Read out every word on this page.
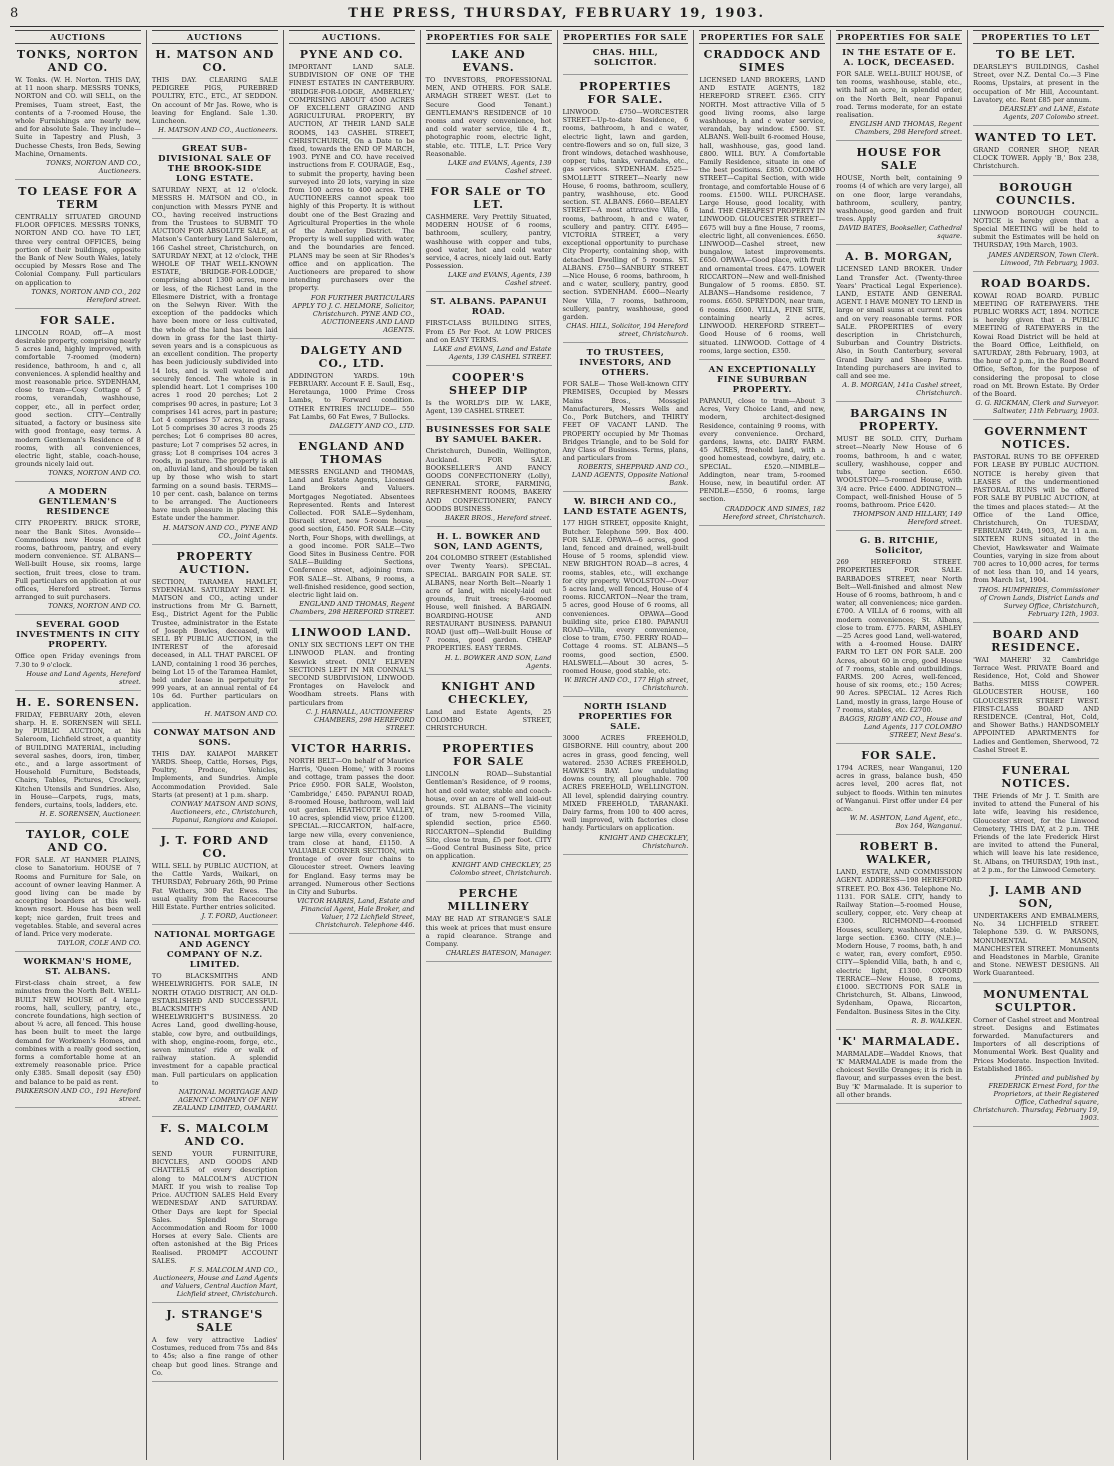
8	THE PRESS, THURSDAY, FEBRUARY 19, 1903.
AUCTIONS
TONKS, NORTON AND CO.

W. Tonks. (W. H. Norton. THIS DAY, at 11 noon sharp. MESSRS TONKS, NORTON and CO. will SELL, on the Premises, Tuam street, East, the contents of a 7-roomed House, the whole Furnishings are nearly new, and for absolute Sale. They include— Suite in Tapestry and Plush, 3 Duchesse Chests, Iron Beds, Sewing Machine, Ornaments.

TONKS, NORTON AND CO., Auctioneers.
TO LEASE FOR A TERM

CENTRALLY SITUATED GROUND FLOOR OFFICES. MESSRS TONKS, NORTON AND CO. have TO LET, three very central OFFICES, being portion of their buildings, opposite the Bank of New South Wales, lately occupied by Messrs Rose and The Colonial Company. Full particulars on application to

TONKS, NORTON AND CO., 202 Hereford street.
FOR SALE.

LINCOLN ROAD, off—A most desirable property, comprising nearly 5 acres land, highly improved, with comfortable 7-roomed (modern) residence, bathroom, h and c, all conveniences. A splendid healthy and most reasonable price. SYDENHAM, close to tram—Cosy Cottage of 5 rooms, verandah, washhouse, copper, etc., all in perfect order, good section. CITY—Centrally situated, a factory or business site with good frontage, easy terms. A modern Gentleman's Residence of 8 rooms, with all conveniences, electric light, stable, coach-house, grounds nicely laid out.

TONKS, NORTON AND CO.
A MODERN GENTLEMAN'S RESIDENCE

CITY PROPERTY. BRICK STORE, near the Bank Sites. Avonside—Commodious new House of eight rooms, bathroom, pantry, and every modern convenience. ST. ALBANS—Well-built House, six rooms, large section, fruit trees, close to tram. Full particulars on application at our offices, Hereford street. Terms arranged to suit purchasers.

TONKS, NORTON AND CO.
SEVERAL GOOD INVESTMENTS IN CITY PROPERTY.

Office open Friday evenings from 7.30 to 9 o'clock.

House and Land Agents, Hereford street.
H. E. SORENSEN.

FRIDAY, FEBRUARY 20th, eleven sharp. H. E. SORENSEN will SELL by PUBLIC AUCTION, at his Saleroom, Lichfield street, a quantity of BUILDING MATERIAL, including several sashes, doors, iron, timber, etc., and a large assortment of Household Furniture, Bedsteads, Chairs, Tables, Pictures, Crockery, Kitchen Utensils and Sundries. Also, in House—Carpets, rugs, mats, fenders, curtains, tools, ladders, etc.

H. E. SORENSEN, Auctioneer.
TAYLOR, COLE AND CO.

FOR SALE. AT HANMER PLAINS, close to Sanatorium. HOUSE of 7 Rooms and Furniture for Sale, on account of owner leaving Hanmer. A good living can be made by accepting boarders at this well-known resort. House has been well kept; nice garden, fruit trees and vegetables. Stable, and several acres of land. Price very moderate.

TAYLOR, COLE AND CO.
WORKMAN'S HOME, ST. ALBANS.

First-class chain street, a few minutes from the North Belt. WELL-BUILT NEW HOUSE of 4 large rooms, hall, scullery, pantry, etc., concrete foundations, high section of about ¼ acre, all fenced. This house has been built to meet the large demand for Workmen's Homes, and combines with a really good section, forms a comfortable home at an extremely reasonable price. Price only £385. Small deposit (say £50) and balance to be paid as rent.

PARKERSON AND CO., 191 Hereford street.
AUCTIONS
H. MATSON AND CO.

THIS DAY. CLEARING SALE PEDIGREE PIGS, PUREBRED POULTRY, ETC., ETC., AT SEDDON. On account of Mr Jas. Rowe, who is leaving for England. Sale 1.30. Luncheon.

H. MATSON AND CO., Auctioneers.
GREAT SUB-DIVISIONAL SALE OF THE BROOK-SIDE LONG ESTATE.

SATURDAY NEXT, at 12 o'clock. MESSRS H. MATSON and CO., in conjunction with Messrs PYNE and CO., having received instructions from the Trustees to SUBMIT TO AUCTION FOR ABSOLUTE SALE, at Matson's Canterbury Land Saleroom, 166 Cashel street, Christchurch, on SATURDAY NEXT, at 12 o'clock, THE WHOLE OF THAT WELL-KNOWN ESTATE, 'BRIDGE-FOR-LODGE,' comprising about 1300 acres, more or less, of the Richest Land in the Ellesmere District, with a frontage on the Selwyn River. With the exception of the paddocks which have been more or less cultivated, the whole of the land has been laid down in grass for the last thirty-seven years and is a conspicuous as an excellent condition. The property has been judiciously subdivided into 14 lots, and is well watered and securely fenced. The whole is in splendid heart. Lot 1 comprises 100 acres 1 rood 20 perches; Lot 2 comprises 90 acres, in pasture; Lot 3 comprises 141 acres, part in pasture; Lot 4 comprises 57 acres, in grass; Lot 5 comprises 30 acres 3 roods 25 perches; Lot 6 comprises 80 acres, pasture; Lot 7 comprises 52 acres, in grass; Lot 8 comprises 104 acres 3 roods, in pasture. The property is all on, alluvial land, and should be taken up by those who wish to start farming on a sound basis. TERMS—10 per cent. cash, balance on terms to be arranged. The Auctioneers have much pleasure in placing this Estate under the hammer.

H. MATSON AND CO., PYNE AND CO., Joint Agents.
PROPERTY AUCTION.

SECTION, TARAMEA HAMLET, SYDENHAM. SATURDAY NEXT. H. MATSON and CO., acting under instructions from Mr G. Barnett, Esq., District Agent for the Public Trustee, administrator in the Estate of Joseph Bowles, deceased, will SELL BY PUBLIC AUCTION, in the INTEREST of the aforesaid deceased, in ALL THAT PARCEL OF LAND, containing 1 rood 36 perches, being Lot 15 of the Taramea Hamlet, held under lease in perpetuity for 999 years, at an annual rental of £4 10s 6d. Further particulars on application.

H. MATSON AND CO.
CONWAY MATSON AND SONS.

THIS DAY. KAIAPOI MARKET YARDS. Sheep, Cattle, Horses, Pigs, Poultry, Produce, Vehicles, Implements, and Sundries. Ample Accommodation Provided. Sale Starts (at present) at 1 p.m. sharp.

CONWAY MATSON AND SONS, Auctioneers, etc., Christchurch, Papanui, Rangiora and Kaiapoi.
J. T. FORD AND CO.

WILL SELL by PUBLIC AUCTION, at the Cattle Yards, Waikari, on THURSDAY, February 26th, 90 Prime Fat Wethers, 300 Fat Ewes. The usual quality from the Racecourse Hill Estate. Further entries solicited.

J. T. FORD, Auctioneer.
NATIONAL MORTGAGE AND AGENCY COMPANY OF N.Z. LIMITED.

TO BLACKSMITHS AND WHEELWRIGHTS. FOR SALE, IN NORTH OTAGO DISTRICT, AN OLD-ESTABLISHED AND SUCCESSFUL BLACKSMITH'S AND WHEELWRIGHT'S BUSINESS. 20 Acres Land, good dwelling-house, stable, cow byre, and outbuildings, with shop, engine-room, forge, etc., seven minutes' ride or walk of railway station. A splendid investment for a capable practical man. Full particulars on application to

NATIONAL MORTGAGE AND AGENCY COMPANY OF NEW ZEALAND LIMITED, OAMARU.
F. S. MALCOLM AND CO.

SEND YOUR FURNITURE, BICYCLES, AND GOODS AND CHATTELS of every description along to MALCOLM'S AUCTION MART. If you wish to realise Top Price. AUCTION SALES Held Every WEDNESDAY AND SATURDAY. Other Days are kept for Special Sales. Splendid Storage Accommodation and Room for 1000 Horses at every Sale. Clients are often astonished at the Big Prices Realised. PROMPT ACCOUNT SALES.

F. S. MALCOLM AND CO., Auctioneers, House and Land Agents and Valuers, Central Auction Mart, Lichfield street, Christchurch.
J. STRANGE'S SALE

A few very attractive Ladies' Costumes, reduced from 75s and 84s to 45s; also a fine range of other cheap but good lines. Strange and Co.

AUCTIONS.
PYNE AND CO.

IMPORTANT LAND SALE. SUBDIVISION OF ONE OF THE FINEST ESTATES IN CANTERBURY. 'BRIDGE-FOR-LODGE, AMBERLEY,' COMPRISING ABOUT 4500 ACRES OF EXCELLENT GRAZING AND AGRICULTURAL PROPERTY, BY AUCTION, AT THEIR LAND SALE ROOMS, 143 CASHEL STREET, CHRISTCHURCH, On a Date to be fixed, towards the END OF MARCH, 1903. PYNE and CO. have received instructions from F. COURAGE, Esq., to submit the property, having been surveyed into 20 lots, varying in size from 100 acres to 400 acres. THE AUCTIONEERS cannot speak too highly of this Property. It is without doubt one of the Best Grazing and Agricultural Properties in the whole of the Amberley District. The Property is well supplied with water, and the boundaries are fenced. PLANS may be seen at Sir Rhodes's office and on application. The Auctioneers are prepared to show intending purchasers over the property.

FOR FURTHER PARTICULARS APPLY TO J. C. HELMORE, Solicitor, Christchurch. PYNE AND CO., AUCTIONEERS AND LAND AGENTS.
DALGETY AND CO., LTD.

ADDINGTON YARDS. 19th FEBRUARY. Account F. E. Saull, Esq., Heretaunga, 1000 Prime Cross Lambs, to Forward condition. OTHER ENTRIES INCLUDE— 550 Fat Lambs, 60 Fat Ewes, 7 Bullocks.

DALGETY AND CO., LTD.
ENGLAND AND THOMAS

MESSRS ENGLAND and THOMAS, Land and Estate Agents, Licensed Land Brokers and Valuers. Mortgages Negotiated. Absentees Represented. Rents and Interest Collected. FOR SALE—Sydenham, Disraeli street, new 5-room house, good section, £450. FOR SALE—City North, Four Shops, with dwellings, at a good income. FOR SALE—Two Good Sites in Business Centre. FOR SALE—Building Sections, Conference street, adjoining tram. FOR SALE—St. Albans, 9 rooms, a well-finished residence, good section, electric light laid on.

ENGLAND AND THOMAS, Regent Chambers, 298 HEREFORD STREET.
LINWOOD LAND.

ONLY SIX SECTIONS LEFT ON THE LINWOOD PLAN. and fronting Keswick street. ONLY ELEVEN SECTIONS LEFT IN MR CONNAL'S SECOND SUBDIVISION, LINWOOD. Frontages on Havelock and Woodham streets. Plans with particulars from

C. J. HARNALL, AUCTIONEERS' CHAMBERS, 298 HEREFORD STREET.
VICTOR HARRIS.

NORTH BELT—On behalf of Maurice Harris, 'Queen Home,' with 3 rooms and cottage, tram passes the door. Price £950. FOR SALE, Woolston, 'Cambridge,' £450. PAPANUI ROAD, 8-roomed House, bathroom, well laid out garden. HEATHCOTE VALLEY, 10 acres, splendid view, price £1200. SPECIAL.—RICCARTON, half-acre, large new villa, every convenience, tram close at hand, £1150. A VALUABLE CORNER SECTION, with frontage of over four chains to Gloucester street. Owners leaving for England. Easy terms may be arranged. Numerous other Sections in City and Suburbs.

VICTOR HARRIS, Land, Estate and Financial Agent, Hale Broker, and Valuer, 172 Lichfield Street, Christchurch. Telephone 446.
PROPERTIES FOR SALE
LAKE AND EVANS.

TO INVESTORS, PROFESSIONAL MEN, AND OTHERS. FOR SALE. ARMAGH STREET WEST. (Let to Secure Good Tenant.) GENTLEMAN'S RESIDENCE of 10 rooms and every convenience, hot and cold water service, tile 4 ft., photographic room, electric light, stable, etc. TITLE, L.T. Price Very Reasonable.

LAKE and EVANS, Agents, 139 Cashel street.
FOR SALE or TO LET.

CASHMERE. Very Prettily Situated, MODERN HOUSE of 6 rooms, bathroom, scullery, pantry, washhouse with copper and tubs, good water, hot and cold water service, 4 acres, nicely laid out. Early Possession.

LAKE and EVANS, Agents, 139 Cashel street.
ST. ALBANS. PAPANUI ROAD.

FIRST-CLASS BUILDING SITES, From £5 Per Foot. At LOW PRICES and on EASY TERMS.

LAKE and EVANS, Land and Estate Agents, 139 CASHEL STREET.
COOPER'S SHEEP DIP

Is the WORLD'S DIP. W. LAKE, Agent, 139 CASHEL STREET.

BUSINESSES FOR SALE BY SAMUEL BAKER.

Christchurch, Dunedin, Wellington, Auckland. FOR SALE. BOOKSELLER'S AND FANCY GOODS CONFECTIONERY (Lolly), GENERAL STORE, FARMING, REFRESHMENT ROOMS, BAKERY AND CONFECTIONERY, FANCY GOODS BUSINESS.

BAKER BROS., Hereford street.
H. L. BOWKER AND SON, LAND AGENTS,

204 COLOMBO STREET (Established over Twenty Years). SPECIAL. SPECIAL. BARGAIN FOR SALE. ST. ALBANS, near North Belt—Nearly 1 acre of land, with nicely-laid out grounds, fruit trees; 6-roomed House, well finished. A BARGAIN. BOARDING-HOUSE AND RESTAURANT BUSINESS. PAPANUI ROAD (just off)—Well-built House of 7 rooms, good garden. CHEAP PROPERTIES. EASY TERMS.

H. L. BOWKER AND SON, Land Agents.
KNIGHT AND CHECKLEY,

Land and Estate Agents, 25 COLOMBO STREET, CHRISTCHURCH.

PROPERTIES FOR SALE

LINCOLN ROAD—Substantial Gentleman's Residence, of 9 rooms, hot and cold water, stable and coach-house, over an acre of well laid-out grounds. ST. ALBANS—The vicinity of tram, new 5-roomed Villa, splendid section, price £560. RICCARTON—Splendid Building Site, close to tram, £5 per foot. CITY—Good Central Business Site, price on application.

KNIGHT AND CHECKLEY, 25 Colombo street, Christchurch.
PERCHE MILLINERY

MAY BE HAD AT STRANGE'S SALE this week at prices that must ensure a rapid clearance. Strange and Company.

CHARLES BATESON, Manager.
PROPERTIES FOR SALE
CHAS. HILL, SOLICITOR.

PROPERTIES FOR SALE.

LINWOOD. £750—WORCESTER STREET—Up-to-date Residence, 6 rooms, bathroom, h and c water, electric light, lawn and garden, centre-flowers and so on, full size, 3 front windows, detached washhouse, copper, tubs, tanks, verandahs, etc., gas services. SYDENHAM. £525—SMOLLETT STREET—Nearly new House, 6 rooms, bathroom, scullery, pantry, washhouse, etc. Good section. ST. ALBANS. £660—BEALEY STREET—A most attractive Villa, 6 rooms, bathroom, h and c water, scullery and pantry. CITY. £495—VICTORIA STREET, a very exceptional opportunity to purchase City Property, containing shop, with detached Dwelling of 5 rooms. ST. ALBANS. £750—SANBURY STREET—Nice House, 6 rooms, bathroom, h and c water, scullery, pantry, good section. SYDENHAM. £600—Nearly New Villa, 7 rooms, bathroom, scullery, pantry, washhouse, good garden.

CHAS. HILL, Solicitor, 194 Hereford street, Christchurch.
TO TRUSTEES, INVESTORS, AND OTHERS.

FOR SALE— Those Well-known CITY PREMISES, Occupied by Messrs Mains Bros., Mossgiel Manufacturers, Messrs Wells and Co., Pork Butchers, and THIRTY FEET OF VACANT LAND. The PROPERTY occupied by Mr Thomas Bridges Triangle, and to be Sold for Any Class of Business. Terms, plans, and particulars from

ROBERTS, SHEPPARD AND CO., LAND AGENTS, Opposite National Bank.
W. BIRCH AND CO., LAND ESTATE AGENTS,

177 HIGH STREET, opposite Knight, Butcher. Telephone 599. Box 400. FOR SALE. OPAWA—6 acres, good land, fenced and drained, well-built House of 5 rooms, splendid view. NEW BRIGHTON ROAD—8 acres, 4 rooms, stables, etc., will exchange for city property. WOOLSTON—Over 5 acres land, well fenced, House of 4 rooms. RICCARTON—Near the tram, 5 acres, good House of 6 rooms, all conveniences. OPAWA—Good building site, price £180. PAPANUI ROAD—Villa, every convenience, close to tram, £750. FERRY ROAD—Cottage 4 rooms. ST. ALBANS—5 rooms, good section, £500. HALSWELL—About 30 acres, 5-roomed House, good stable, etc.

W. BIRCH AND CO., 177 High street, Christchurch.
NORTH ISLAND PROPERTIES FOR SALE.

3000 ACRES FREEHOLD, GISBORNE. Hill country, about 200 acres in grass, good fencing, well watered. 2530 ACRES FREEHOLD, HAWKE'S BAY. Low undulating downs country, all ploughable. 700 ACRES FREEHOLD, WELLINGTON. All level, splendid dairying country. MIXED FREEHOLD, TARANAKI. Dairy farms, from 100 to 400 acres, well improved, with factories close handy. Particulars on application.

KNIGHT AND CHECKLEY, Christchurch.
PROPERTIES FOR SALE
CRADDOCK AND SIMES

LICENSED LAND BROKERS, LAND AND ESTATE AGENTS, 182 HEREFORD STREET. £365. CITY NORTH. Most attractive Villa of 5 good living rooms, also large washhouse, h and c water service, verandah, bay window. £500. ST. ALBANS. Well-built 6-roomed House, hall, washhouse, gas, good land. £800. WILL BUY. A Comfortable Family Residence, situate in one of the best positions. £850. COLOMBO STREET—Capital Section, with wide frontage, and comfortable House of 6 rooms. £1500. WILL PURCHASE. Large House, good locality, with land. THE CHEAPEST PROPERTY IN LINWOOD. GLOUCESTER STREET—£675 will buy a fine House, 7 rooms, electric light, all conveniences. £650. LINWOOD—Cashel street, new bungalow, latest improvements. £650. OPAWA—Good place, with fruit and ornamental trees. £475. LOWER RICCARTON—New and well-finished Bungalow of 5 rooms. £850. ST. ALBANS—Handsome residence, 7 rooms. £650. SPREYDON, near tram, 6 rooms. £600. VILLA, FINE SITE, containing nearly 2 acres. LINWOOD. HEREFORD STREET—Good House of 6 rooms, well situated. LINWOOD. Cottage of 4 rooms, large section, £350.

AN EXCEPTIONALLY FINE SUBURBAN PROPERTY.

PAPANUI, close to tram—About 3 Acres, Very Choice Land, and new, modern, architect-designed Residence, containing 9 rooms, with every convenience. Orchard, gardens, lawns, etc. DAIRY FARM. 45 ACRES, freehold land, with a good homestead, cowbyre, dairy, etc. SPECIAL. £520.—NIMBLE—Addington, near tram, 5-roomed House, new, in beautiful order. AT PENDLE—£550, 6 rooms, large section.

CRADDOCK AND SIMES, 182 Hereford street, Christchurch.
PROPERTIES FOR SALE
IN THE ESTATE OF E. A. LOCK, DECEASED.

FOR SALE. WELL-BUILT HOUSE, of ten rooms, washhouse, stable, etc., with half an acre, in splendid order, on the North Belt, near Papanui road. Terms moderate, for an estate realisation.

ENGLISH AND THOMAS, Regent Chambers, 298 Hereford street.
HOUSE FOR SALE

HOUSE, North belt, containing 9 rooms (4 of which are very large), all on one floor, large verandahs, bathroom, scullery, pantry, washhouse, good garden and fruit trees. Apply

DAVID BATES, Bookseller, Cathedral square.
A. B. MORGAN,

LICENSED LAND BROKER. Under Land Transfer Act. (Twenty-three Years' Practical Legal Experience). LAND, ESTATE AND GENERAL AGENT. I HAVE MONEY TO LEND in large or small sums at current rates and on very reasonable terms. FOR SALE. PROPERTIES of every description in Christchurch, Suburban and Country Districts. Also, in South Canterbury, several Grand Dairy and Sheep Farms. Intending purchasers are invited to call and see me.

A. B. MORGAN, 141a Cashel street, Christchurch.
BARGAINS IN PROPERTY.

MUST BE SOLD. CITY, Durham street—Nearly New House of 6 rooms, bathroom, h and c water, scullery, washhouse, copper and tubs, large section. £650. WOOLSTON—5-roomed House, with 3/4 acre. Price £400. ADDINGTON—Compact, well-finished House of 5 rooms, bathroom. Price £420.

THOMPSON AND HILLARY, 149 Hereford street.
G. B. RITCHIE, Solicitor,

269 HEREFORD STREET. PROPERTIES FOR SALE. BARBADOES STREET, near North Belt—Well-finished and almost New House of 6 rooms, bathroom, h and c water, all conveniences; nice garden. £700. A VILLA of 6 rooms, with all modern conveniences; St. Albans, close to tram. £775. FARM, ASHLEY—25 Acres good Land, well-watered, with a 4-roomed House. DAIRY FARM TO LET ON FOR SALE. 200 Acres, about 60 in crop, good House of 7 rooms, stable and outbuildings. FARMS. 200 Acres, well-fenced, house of six rooms, etc.; 150 Acres; 90 Acres. SPECIAL. 12 Acres Rich Land, mostly in grass, large House of 7 rooms, stables, etc. £2700.

BAGGS, RIGBY AND CO., House and Land Agents, 117 COLOMBO STREET, Next Besa's.
FOR SALE.

1794 ACRES, near Wanganui, 120 acres in grass, balance bush, 450 acres level, 200 acres flat, not subject to floods. Within ten minutes of Wanganui. First offer under £4 per acre.

W. M. ASHTON, Land Agent, etc., Box 164, Wanganui.
ROBERT B. WALKER,

LAND, ESTATE, AND COMMISSION AGENT. ADDRESS—198 HEREFORD STREET. P.O. Box 436. Telephone No. 1131. FOR SALE. CITY, handy to Railway Station—5-roomed House, scullery, copper, etc. Very cheap at £300. RICHMOND—4-roomed Houses, scullery, washhouse, stable, large section. £360. CITY (N.E.)—Modern House, 7 rooms, bath, h and c water, ran, every comfort, £950. CITY—Splendid Villa, bath, h and c, electric light, £1300. OXFORD TERRACE—New House, 8 rooms, £1000. SECTIONS FOR SALE in Christchurch, St. Albans, Linwood, Sydenham, Opawa, Riccarton, Fendalton. Business Sites in the City.

R. B. WALKER.
'K' MARMALADE.

MARMALADE—Waddel Knows, that 'K' MARMALADE is made from the choicest Seville Oranges; it is rich in flavour, and surpasses even the best. Buy 'K' Marmalade. It is superior to all other brands.

PROPERTIES TO LET
TO BE LET.

DEARSLEY'S BUILDINGS, Cashel Street, over N.Z. Dental Co.—3 Fine Rooms, Upstairs, at present in the occupation of Mr Hill, Accountant. Lavatory, etc. Rent £85 per annum.

DEARSLEY and LANE, Estate Agents, 207 Colombo street.
WANTED TO LET.

GRAND CORNER SHOP, NEAR CLOCK TOWER. Apply 'B,' Box 238, Christchurch.

BOROUGH COUNCILS.

LINWOOD BOROUGH COUNCIL. NOTICE is hereby given that a Special MEETING will be held to submit the Estimates will be held on THURSDAY, 19th March, 1903.

JAMES ANDERSON, Town Clerk. Linwood, 7th February, 1903.
ROAD BOARDS.

KOWAI ROAD BOARD. PUBLIC MEETING OF RATEPAYERS. THE PUBLIC WORKS ACT, 1894. NOTICE is hereby given that a PUBLIC MEETING of RATEPAYERS in the Kowai Road District will be held at the Board Office, Leithfield, on SATURDAY, 28th February, 1903, at the hour of 2 p.m., in the Road Board Office, Sefton, for the purpose of considering the proposal to close road on Mt. Brown Estate. By Order of the Board.

G. G. RICKMAN, Clerk and Surveyor. Saltwater, 11th February, 1903.
GOVERNMENT NOTICES.

PASTORAL RUNS TO BE OFFERED FOR LEASE BY PUBLIC AUCTION. NOTICE is hereby given that LEASES of the undermentioned PASTORAL RUNS will be offered FOR SALE BY PUBLIC AUCTION, at the times and places stated:— At the Office of the Land Office, Christchurch, On TUESDAY, FEBRUARY 24th, 1903, At 11 a.m. SIXTEEN RUNS situated in the Cheviot, Hawkswater and Waimate Counties, varying in size from about 700 acres to 10,000 acres, for terms of not less than 10, and 14 years, from March 1st, 1904.

THOS. HUMPHRIES, Commissioner of Crown Lands, District Lands and Survey Office, Christchurch, February 12th, 1903.
BOARD AND RESIDENCE.

'WAI MAHERI' 32 Cambridge Terrace West. PRIVATE Board and Residence, Hot, Cold and Shower Baths. MISS COWPER. GLOUCESTER HOUSE, 160 GLOUCESTER STREET WEST. FIRST-CLASS BOARD AND RESIDENCE. (Central, Hot, Cold, and Shower Baths.) HANDSOMELY APPOINTED APARTMENTS for Ladies and Gentlemen, Sherwood, 72 Cashel Street E.

FUNERAL NOTICES.

THE Friends of Mr J. T. Smith are invited to attend the Funeral of his late wife, leaving his residence, Gloucester street, for the Linwood Cemetery, THIS DAY, at 2 p.m. THE Friends of the late Frederick Hirst are invited to attend the Funeral, which will leave his late residence, St. Albans, on THURSDAY, 19th inst., at 2 p.m., for the Linwood Cemetery.

J. LAMB AND SON,

UNDERTAKERS AND EMBALMERS, No. 34 LICHFIELD STREET. Telephone 539. G. W. PARSONS, MONUMENTAL MASON, MANCHESTER STREET. Monuments and Headstones in Marble, Granite and Stone. NEWEST DESIGNS. All Work Guaranteed.

MONUMENTAL SCULPTOR.

Corner of Cashel street and Montreal street. Designs and Estimates forwarded. Manufacturers and Importers of all descriptions of Monumental Work. Best Quality and Prices Moderate. Inspection Invited. Established 1865.

Printed and published by FREDERICK Ernest Ford, for the Proprietors, at their Registered Office, Cathedral square, Christchurch. Thursday, February 19, 1903.
